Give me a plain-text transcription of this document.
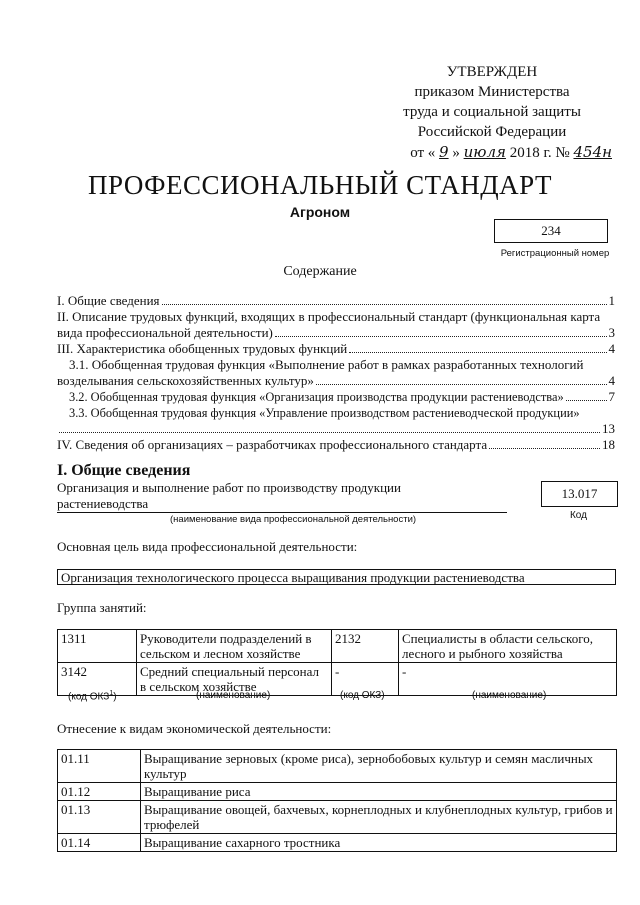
УТВЕРЖДЕН
приказом Министерства
труда и социальной защиты
Российской Федерации
от « 9 » июля 2018 г. № 454н
ПРОФЕССИОНАЛЬНЫЙ СТАНДАРТ
Агроном
234
Регистрационный номер
Содержание
I. Общие сведения	1
II. Описание трудовых функций, входящих в профессиональный стандарт (функциональная карта
вида профессиональной деятельности)	3
III. Характеристика обобщенных трудовых функций	4
3.1. Обобщенная трудовая функция «Выполнение работ в рамках разработанных технологий
возделывания сельскохозяйственных культур»	4
3.2. Обобщенная трудовая функция «Организация производства продукции растениеводства»	7
3.3. Обобщенная трудовая функция «Управление производством растениеводческой продукции»
13
IV. Сведения об организациях – разработчиках профессионального стандарта	18
I. Общие сведения
Организация и выполнение работ по производству продукции растениеводства
(наименование вида профессиональной деятельности)
13.017
Код
Основная цель вида профессиональной деятельности:
Организация технологического процесса выращивания продукции растениеводства
Группа занятий:
1311	Руководители подразделений в сельском и лесном хозяйстве	2132	Специалисты в области сельского, лесного и рыбного хозяйства
3142	Средний специальный персонал в сельском хозяйстве	-	-
(код ОКЗ$^1$)	(наименование)	(код ОКЗ)	(наименование)
Отнесение к видам экономической деятельности:
01.11	Выращивание зерновых (кроме риса), зернобобовых культур и семян масличных культур
01.12	Выращивание риса
01.13	Выращивание овощей, бахчевых, корнеплодных и клубнеплодных культур, грибов и трюфелей
01.14	Выращивание сахарного тростника
